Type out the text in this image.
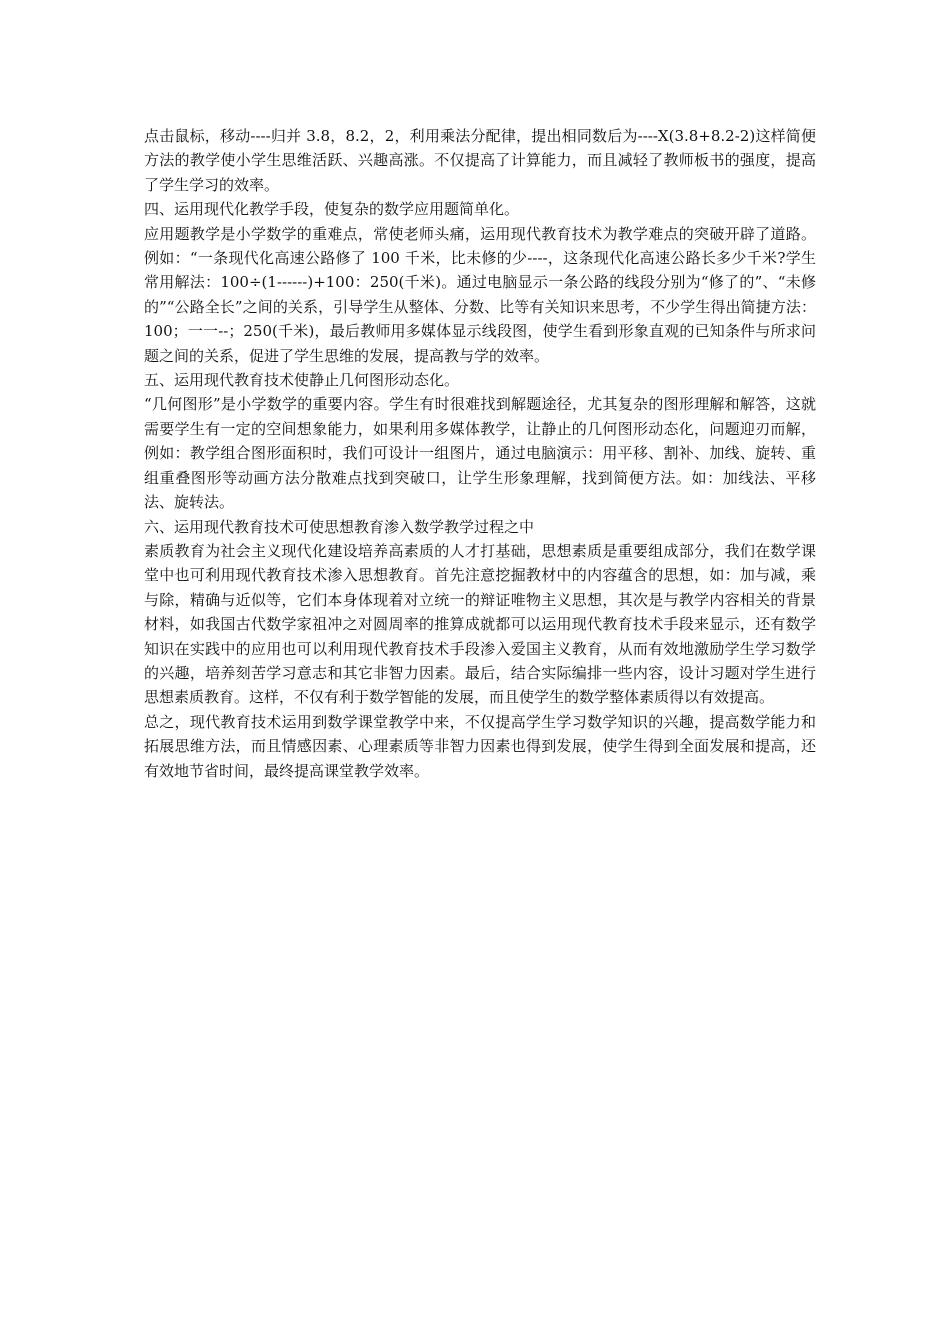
点击鼠标，移动----归并 3.8，8.2，2，利用乘法分配律，提出相同数后为----X(3.8+8.2-2)这样简便方法的教学使小学生思维活跃、兴趣高涨。不仅提高了计算能力，而且减轻了教师板书的强度，提高了学生学习的效率。

四、运用现代化教学手段，使复杂的数学应用题简单化。

应用题教学是小学数学的重难点，常使老师头痛，运用现代教育技术为教学难点的突破开辟了道路。例如：“一条现代化高速公路修了 100 千米，比未修的少----，这条现代化高速公路长多少千米?学生常用解法：100÷(1------)+100：250(千米)。通过电脑显示一条公路的线段分别为“修了的”、“未修的”“公路全长”之间的关系，引导学生从整体、分数、比等有关知识来思考，不少学生得出简捷方法：100；一一--；250(千米)，最后教师用多媒体显示线段图，使学生看到形象直观的已知条件与所求问题之间的关系，促进了学生思维的发展，提高教与学的效率。

五、运用现代教育技术使静止几何图形动态化。

“几何图形”是小学数学的重要内容。学生有时很难找到解题途径，尤其复杂的图形理解和解答，这就需要学生有一定的空间想象能力，如果利用多媒体教学，让静止的几何图形动态化，问题迎刃而解，例如：教学组合图形面积时，我们可设计一组图片，通过电脑演示：用平移、割补、加线、旋转、重组重叠图形等动画方法分散难点找到突破口，让学生形象理解，找到简便方法。如：加线法、平移法、旋转法。

六、运用现代教育技术可使思想教育渗入数学教学过程之中

素质教育为社会主义现代化建设培养高素质的人才打基础，思想素质是重要组成部分，我们在数学课堂中也可利用现代教育技术渗入思想教育。首先注意挖掘教材中的内容蕴含的思想，如：加与减，乘与除，精确与近似等，它们本身体现着对立统一的辩证唯物主义思想，其次是与教学内容相关的背景材料，如我国古代数学家祖冲之对圆周率的推算成就都可以运用现代教育技术手段来显示，还有数学知识在实践中的应用也可以利用现代教育技术手段渗入爱国主义教育，从而有效地激励学生学习数学的兴趣，培养刻苦学习意志和其它非智力因素。最后，结合实际编排一些内容，设计习题对学生进行思想素质教育。这样，不仅有利于数学智能的发展，而且使学生的数学整体素质得以有效提高。

总之，现代教育技术运用到数学课堂教学中来，不仅提高学生学习数学知识的兴趣，提高数学能力和拓展思维方法，而且情感因素、心理素质等非智力因素也得到发展，使学生得到全面发展和提高，还有效地节省时间，最终提高课堂教学效率。
